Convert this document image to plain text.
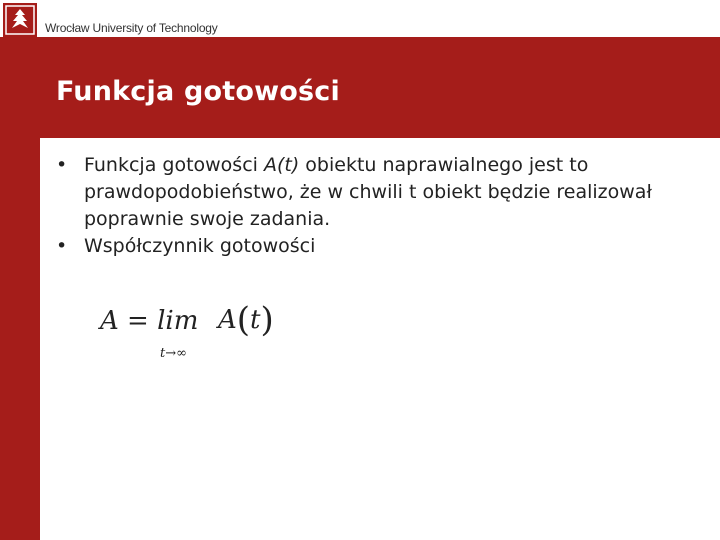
Wrocław University of Technology
Funkcja gotowości
• Funkcja gotowości A(t) obiektu naprawialnego jest to prawdopodobieństwo, że w chwili t obiekt będzie realizował poprawnie swoje zadania.
• Współczynnik gotowości
A = lim A(t)
t→∞
